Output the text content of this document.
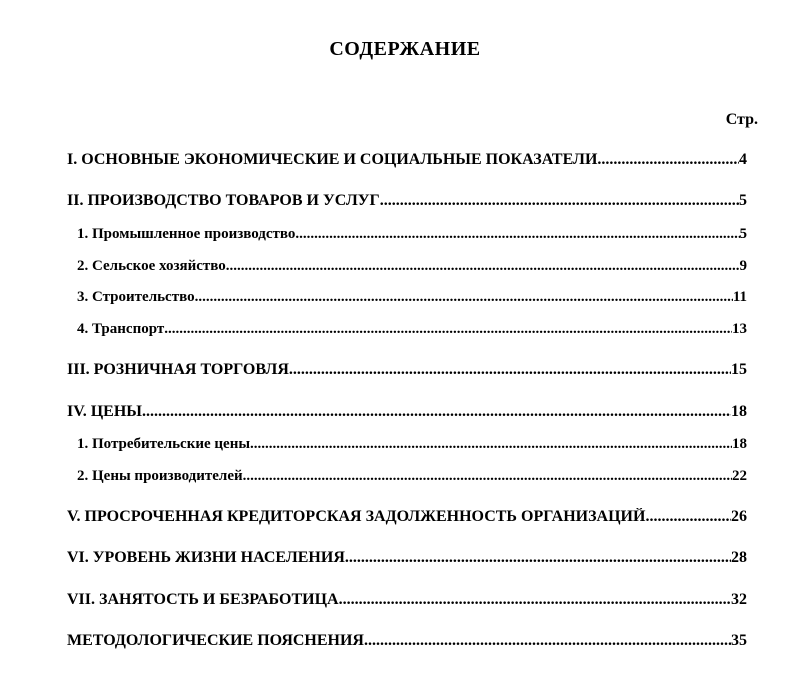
СОДЕРЖАНИЕ
Стр.
I. ОСНОВНЫЕ ЭКОНОМИЧЕСКИЕ И СОЦИАЛЬНЫЕ ПОКАЗАТЕЛИ .....	4
II. ПРОИЗВОДСТВО ТОВАРОВ И УСЛУГ .....	5
1. Промышленное производство .....	5
2. Сельское хозяйство .....	9
3. Строительство .....	11
4. Транспорт .....	13
III. РОЗНИЧНАЯ ТОРГОВЛЯ .....	15
IV. ЦЕНЫ .....	18
1. Потребительские цены .....	18
2. Цены производителей .....	22
V. ПРОСРОЧЕННАЯ КРЕДИТОРСКАЯ ЗАДОЛЖЕННОСТЬ ОРГАНИЗАЦИЙ .....	26
VI. УРОВЕНЬ ЖИЗНИ НАСЕЛЕНИЯ .....	28
VII. ЗАНЯТОСТЬ И БЕЗРАБОТИЦА .....	32
МЕТОДОЛОГИЧЕСКИЕ ПОЯСНЕНИЯ .....	35
